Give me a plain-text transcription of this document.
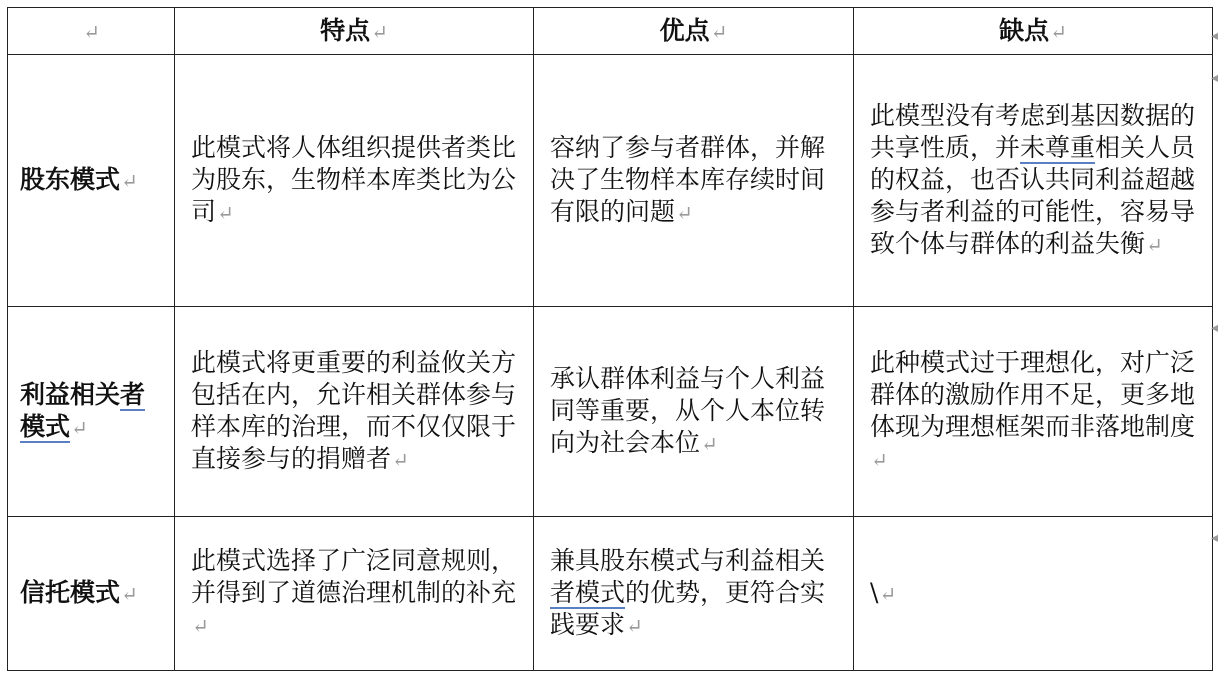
↵	特点↵	优点↵	缺点↵
股东模式↵	此模式将人体组织提供者类比为股东，生物样本库类比为公司↵	容纳了参与者群体，并解决了生物样本库存续时间有限的问题↵	此模型没有考虑到基因数据的共享性质，并未尊重相关人员的权益，也否认共同利益超越参与者利益的可能性，容易导致个体与群体的利益失衡↵
利益相关者模式↵	此模式将更重要的利益攸关方包括在内，允许相关群体参与样本库的治理，而不仅仅限于直接参与的捐赠者↵	承认群体利益与个人利益同等重要，从个人本位转向为社会本位↵	此种模式过于理想化，对广泛群体的激励作用不足，更多地体现为理想框架而非落地制度↵
信托模式↵	此模式选择了广泛同意规则，并得到了道德治理机制的补充↵	兼具股东模式与利益相关者模式的优势，更符合实践要求↵	\↵
◂
◂
◂
◂
